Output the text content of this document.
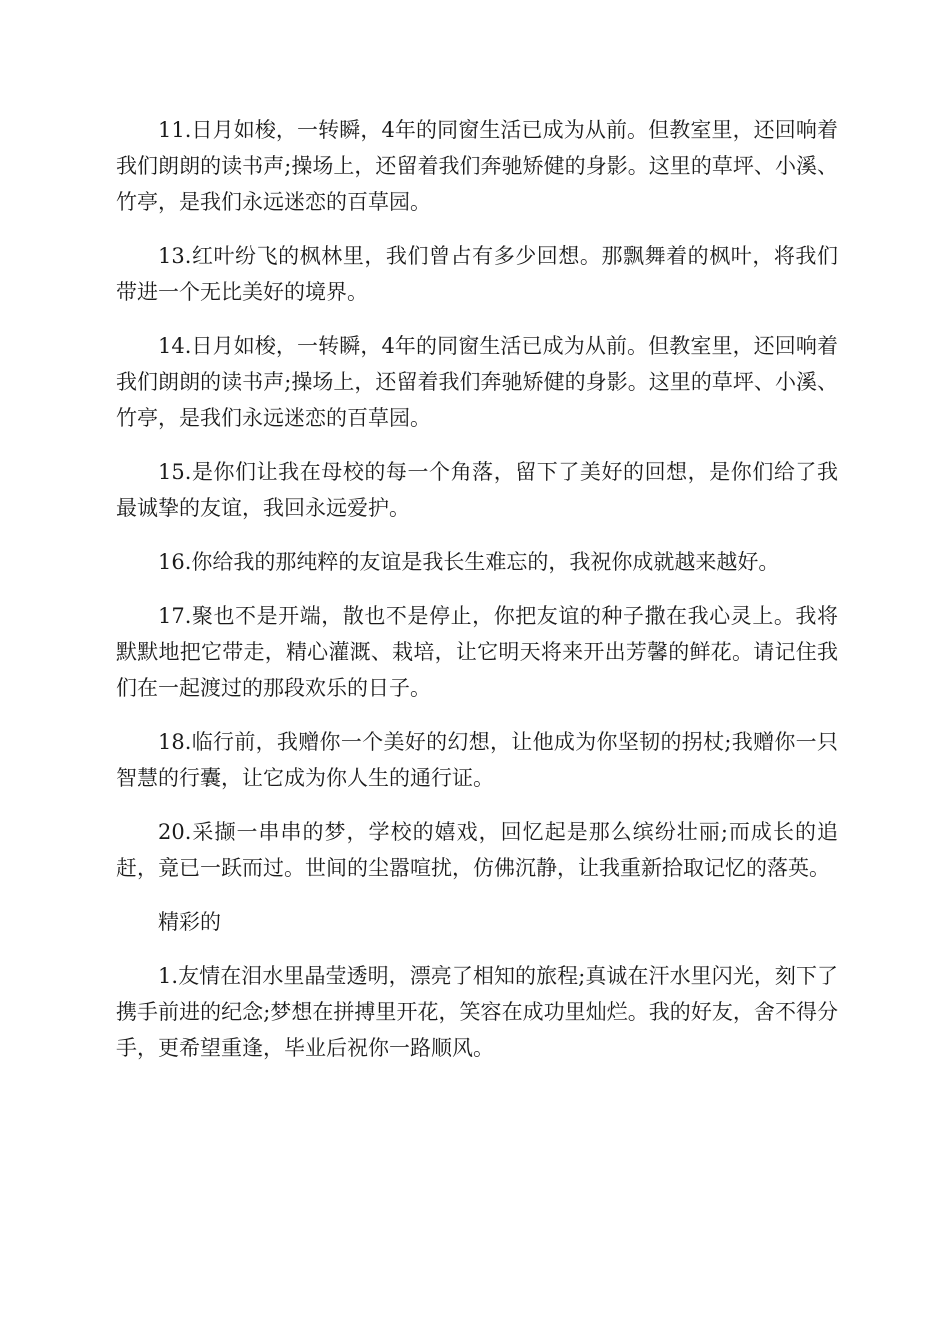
11.日月如梭，一转瞬，4年的同窗生活已成为从前。但教室里，还回响着我们朗朗的读书声;操场上，还留着我们奔驰矫健的身影。这里的草坪、小溪、竹亭，是我们永远迷恋的百草园。

13.红叶纷飞的枫林里，我们曾占有多少回想。那飘舞着的枫叶，将我们带进一个无比美好的境界。

14.日月如梭，一转瞬，4年的同窗生活已成为从前。但教室里，还回响着我们朗朗的读书声;操场上，还留着我们奔驰矫健的身影。这里的草坪、小溪、竹亭，是我们永远迷恋的百草园。

15.是你们让我在母校的每一个角落，留下了美好的回想，是你们给了我最诚挚的友谊，我回永远爱护。

16.你给我的那纯粹的友谊是我长生难忘的，我祝你成就越来越好。

17.聚也不是开端，散也不是停止，你把友谊的种子撒在我心灵上。我将默默地把它带走，精心灌溉、栽培，让它明天将来开出芳馨的鲜花。请记住我们在一起渡过的那段欢乐的日子。

18.临行前，我赠你一个美好的幻想，让他成为你坚韧的拐杖;我赠你一只智慧的行囊，让它成为你人生的通行证。

20.采撷一串串的梦，学校的嬉戏，回忆起是那么缤纷壮丽;而成长的追赶，竟已一跃而过。世间的尘嚣喧扰，仿佛沉静，让我重新拾取记忆的落英。

精彩的

1.友情在泪水里晶莹透明，漂亮了相知的旅程;真诚在汗水里闪光，刻下了携手前进的纪念;梦想在拼搏里开花，笑容在成功里灿烂。我的好友，舍不得分手，更希望重逢，毕业后祝你一路顺风。
